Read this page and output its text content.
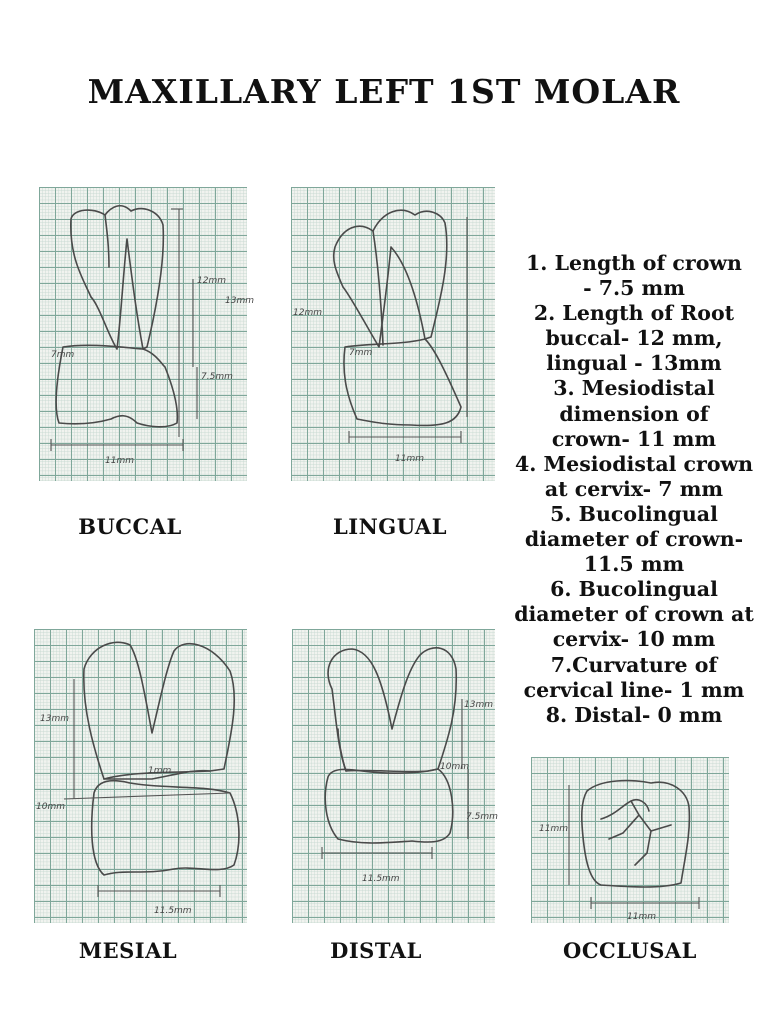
MAXILLARY LEFT 1ST MOLAR
12mm
13mm
7.5mm
11mm
7mm
BUCCAL
12mm
7mm
11mm
LINGUAL
13mm
1mm
10mm
11.5mm
MESIAL
13mm
7.5mm
10mm
11.5mm
DISTAL
11mm
11mm
OCCLUSAL
1. Length of crown
- 7.5 mm
2. Length of Root
buccal- 12 mm,
lingual - 13mm
3. Mesiodistal
dimension of
crown- 11 mm
4. Mesiodistal crown
at cervix- 7 mm
5. Bucolingual
diameter of crown-
11.5 mm
6. Bucolingual
diameter of crown at
cervix- 10 mm
7.Curvature of
cervical line- 1 mm
8. Distal- 0 mm
